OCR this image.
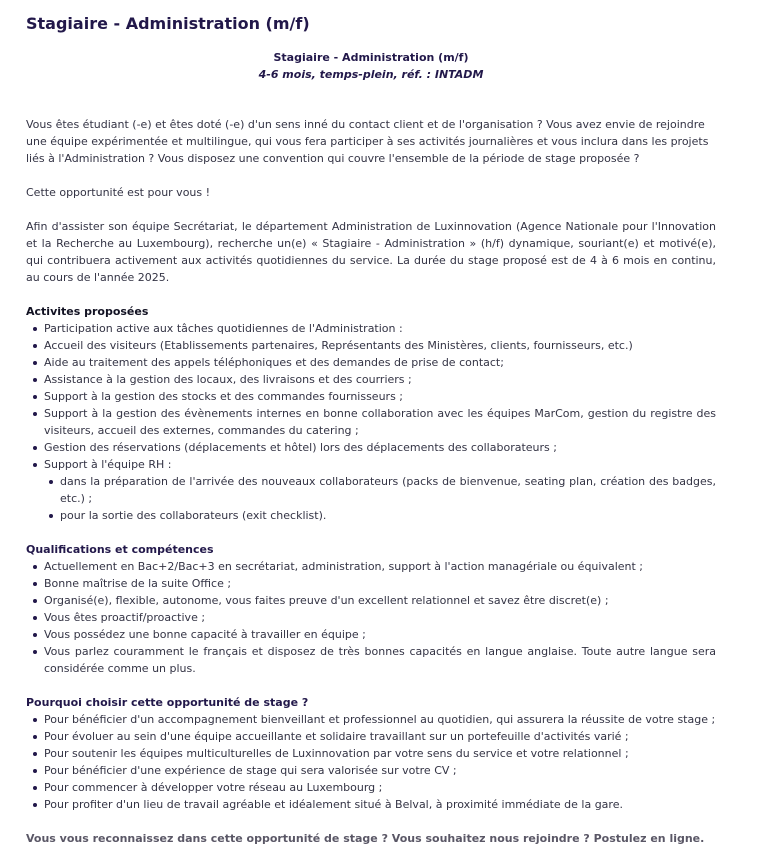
Stagiaire - Administration (m/f)
Stagiaire - Administration (m/f)
4-6 mois, temps-plein, réf. : INTADM

Vous êtes étudiant (-e) et êtes doté (-e) d'un sens inné du contact client et de l'organisation ? Vous avez envie de rejoindre une équipe expérimentée et multilingue, qui vous fera participer à ses activités journalières et vous inclura dans les projets liés à l'Administration ? Vous disposez une convention qui couvre l'ensemble de la période de stage proposée ?

Cette opportunité est pour vous !

Afin d'assister son équipe Secrétariat, le département Administration de Luxinnovation (Agence Nationale pour l'Innovation et la Recherche au Luxembourg), recherche un(e) « Stagiaire - Administration » (h/f) dynamique, souriant(e) et motivé(e), qui contribuera activement aux activités quotidiennes du service. La durée du stage proposé est de 4 à 6 mois en continu, au cours de l'année 2025.

Activites proposées

Participation active aux tâches quotidiennes de l'Administration :
Accueil des visiteurs (Etablissements partenaires, Représentants des Ministères, clients, fournisseurs, etc.)
Aide au traitement des appels téléphoniques et des demandes de prise de contact;
Assistance à la gestion des locaux, des livraisons et des courriers ;
Support à la gestion des stocks et des commandes fournisseurs ;
Support à la gestion des évènements internes en bonne collaboration avec les équipes MarCom, gestion du registre des visiteurs, accueil des externes, commandes du catering ;
Gestion des réservations (déplacements et hôtel) lors des déplacements des collaborateurs ;
Support à l'équipe RH :
dans la préparation de l'arrivée des nouveaux collaborateurs (packs de bienvenue, seating plan, création des badges, etc.) ;
pour la sortie des collaborateurs (exit checklist).

Qualifications et compétences

Actuellement en Bac+2/Bac+3 en secrétariat, administration, support à l'action managériale ou équivalent ;
Bonne maîtrise de la suite Office ;
Organisé(e), flexible, autonome, vous faites preuve d'un excellent relationnel et savez être discret(e) ;
Vous êtes proactif/proactive ;
Vous possédez une bonne capacité à travailler en équipe ;
Vous parlez couramment le français et disposez de très bonnes capacités en langue anglaise. Toute autre langue sera considérée comme un plus.

Pourquoi choisir cette opportunité de stage ?

Pour bénéficier d'un accompagnement bienveillant et professionnel au quotidien, qui assurera la réussite de votre stage ;
Pour évoluer au sein d'une équipe accueillante et solidaire travaillant sur un portefeuille d'activités varié ;
Pour soutenir les équipes multiculturelles de Luxinnovation par votre sens du service et votre relationnel ;
Pour bénéficier d'une expérience de stage qui sera valorisée sur votre CV ;
Pour commencer à développer votre réseau au Luxembourg ;
Pour profiter d'un lieu de travail agréable et idéalement situé à Belval, à proximité immédiate de la gare.

Vous vous reconnaissez dans cette opportunité de stage ? Vous souhaitez nous rejoindre ? Postulez en ligne.
